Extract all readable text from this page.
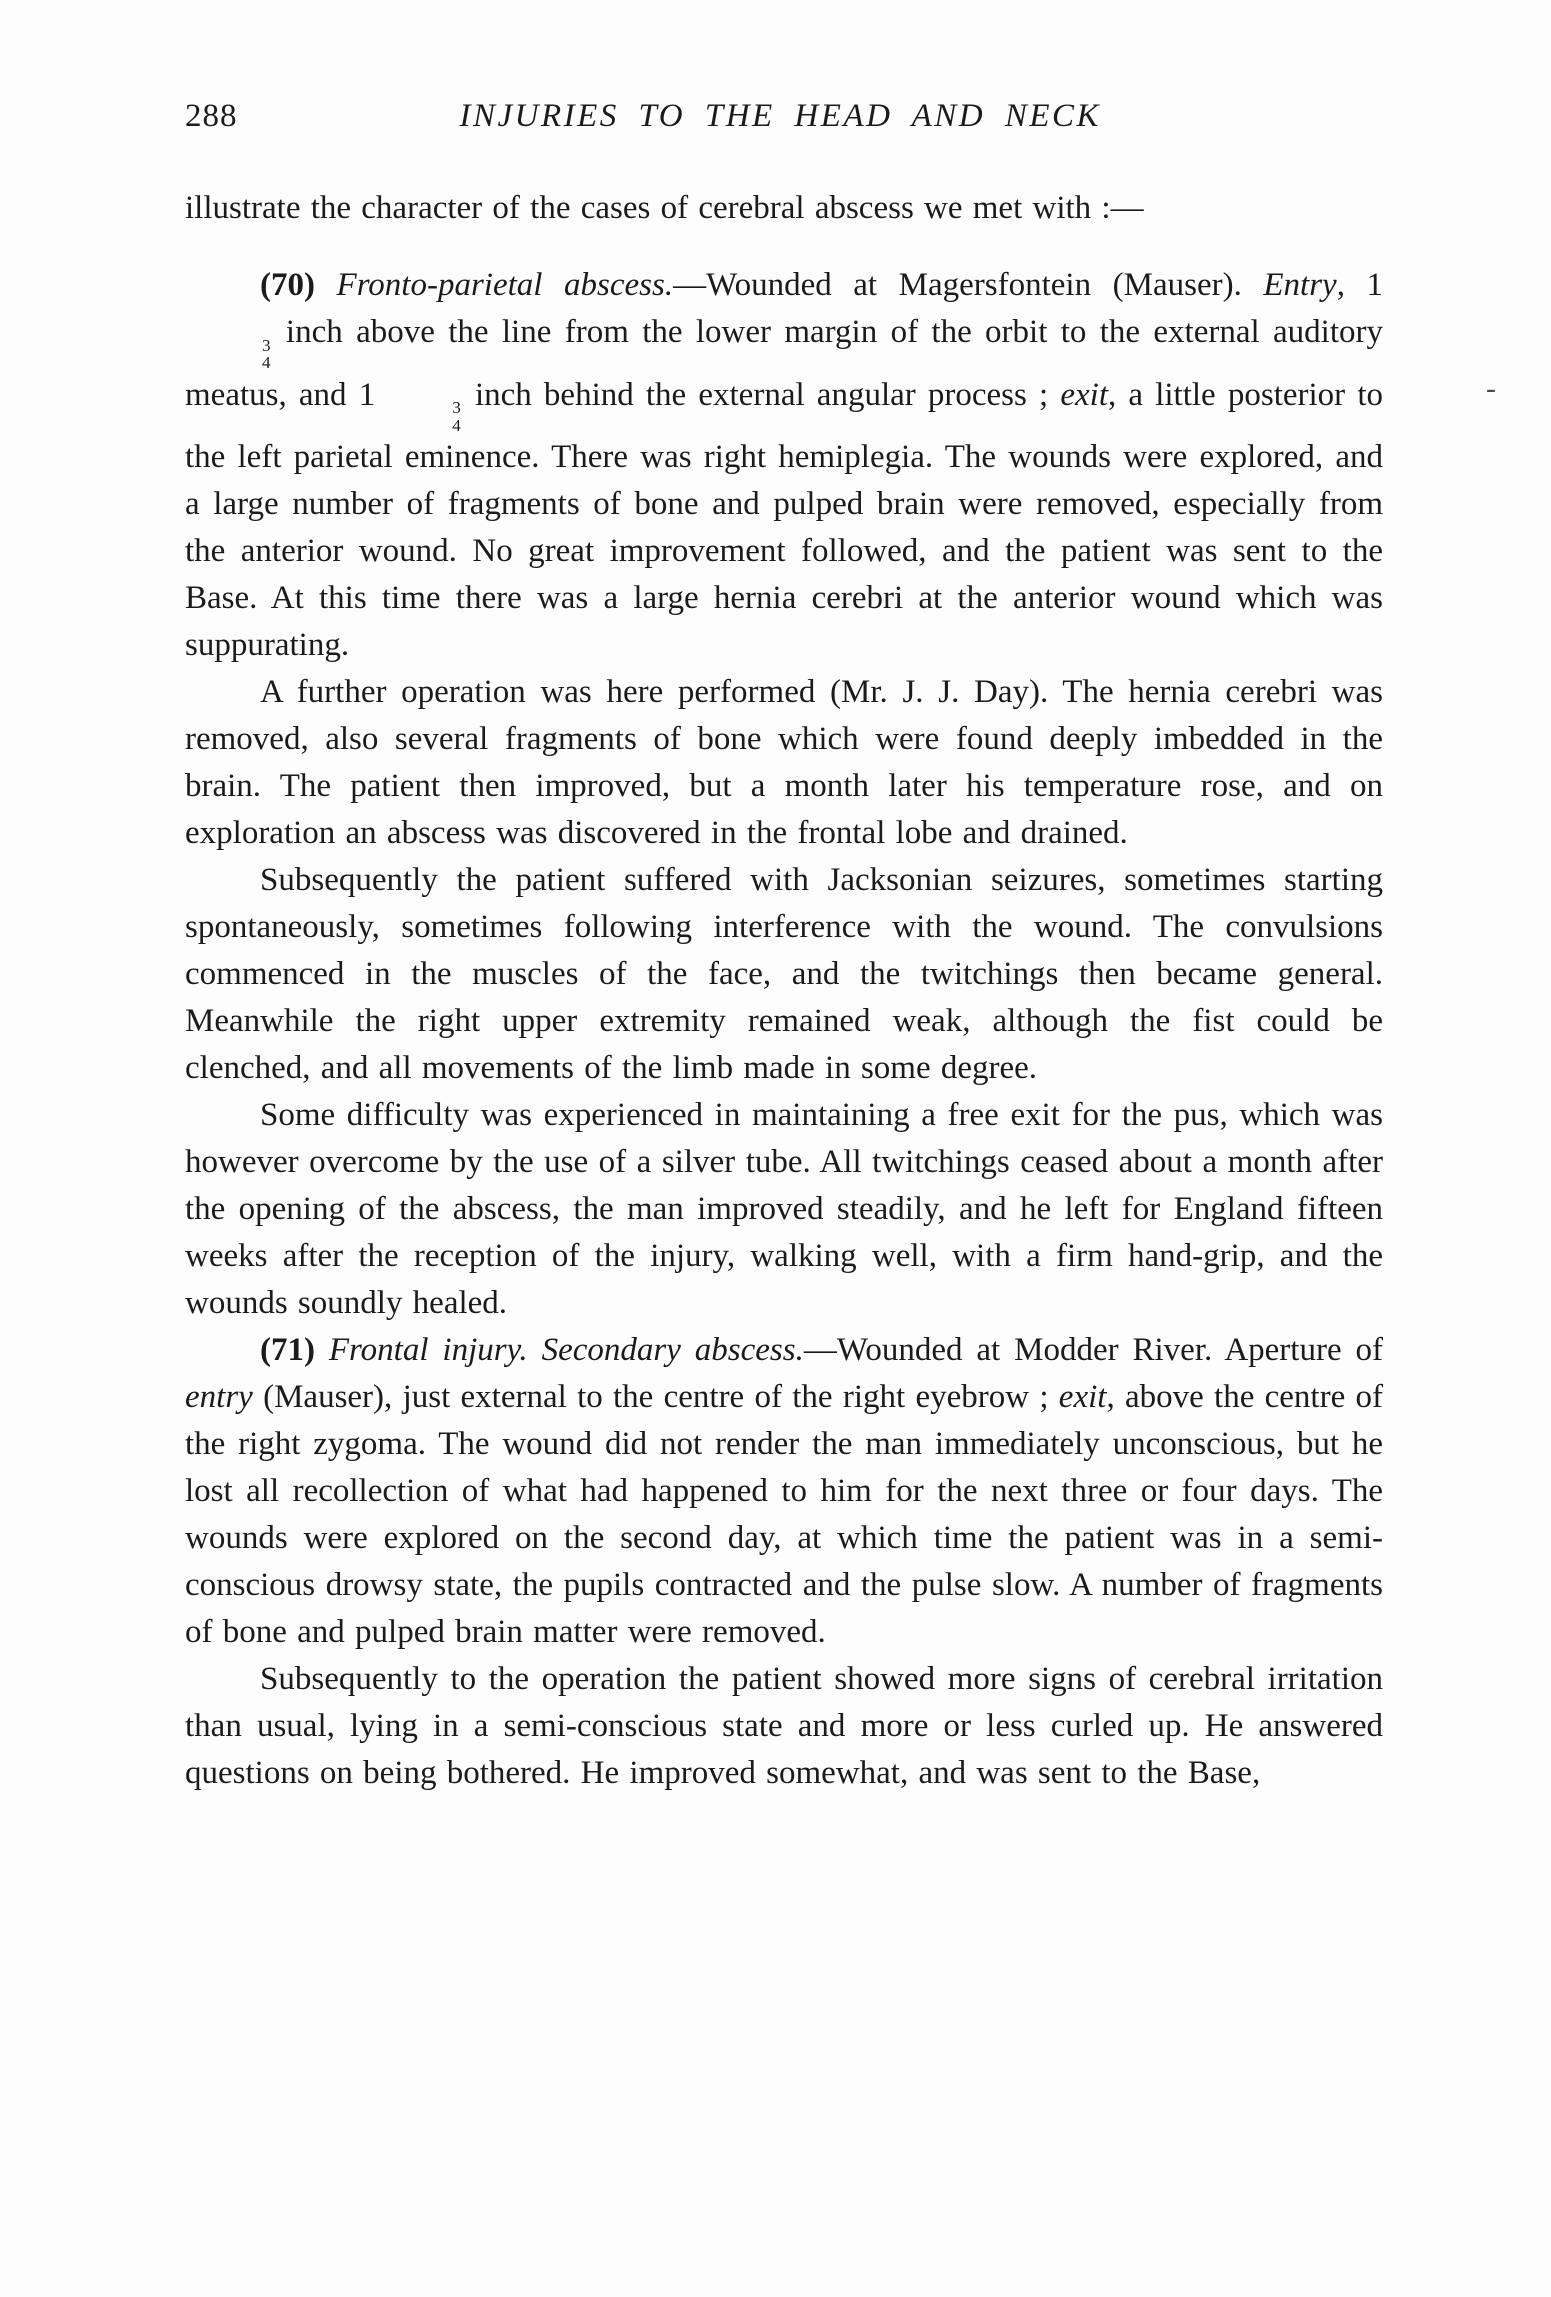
288	INJURIES TO THE HEAD AND NECK

illustrate the character of the cases of cerebral abscess we met with :—

(70) Fronto-parietal abscess.—Wounded at Magersfontein (Mauser). Entry, 1
3
4
inch above the line from the lower margin of the orbit to the external auditory meatus, and 1	3
4
inch behind the external angular process ; exit, a little posterior to the left parietal eminence. There was right hemiplegia. The wounds were explored, and a large number of fragments of bone and pulped brain were removed, especially from the anterior wound. No great improvement followed, and the patient was sent to the Base. At this time there was a large hernia cerebri at the anterior wound which was suppurating.

A further operation was here performed (Mr. J. J. Day). The hernia cerebri was removed, also several fragments of bone which were found deeply imbedded in the brain. The patient then improved, but a month later his temperature rose, and on exploration an abscess was discovered in the frontal lobe and drained.

Subsequently the patient suffered with Jacksonian seizures, sometimes starting spontaneously, sometimes following interference with the wound. The convulsions commenced in the muscles of the face, and the twitchings then became general. Meanwhile the right upper extremity remained weak, although the fist could be clenched, and all movements of the limb made in some degree.

Some difficulty was experienced in maintaining a free exit for the pus, which was however overcome by the use of a silver tube. All twitchings ceased about a month after the opening of the abscess, the man improved steadily, and he left for England fifteen weeks after the reception of the injury, walking well, with a firm hand-grip, and the wounds soundly healed.

(71) Frontal injury. Secondary abscess.—Wounded at Modder River. Aperture of entry (Mauser), just external to the centre of the right eyebrow ; exit, above the centre of the right zygoma. The wound did not render the man immediately unconscious, but he lost all recollection of what had happened to him for the next three or four days. The wounds were explored on the second day, at which time the patient was in a semi-conscious drowsy state, the pupils contracted and the pulse slow. A number of fragments of bone and pulped brain matter were removed.

Subsequently to the operation the patient showed more signs of cerebral irritation than usual, lying in a semi-conscious state and more or less curled up. He answered questions on being bothered. He improved somewhat, and was sent to the Base,

-
